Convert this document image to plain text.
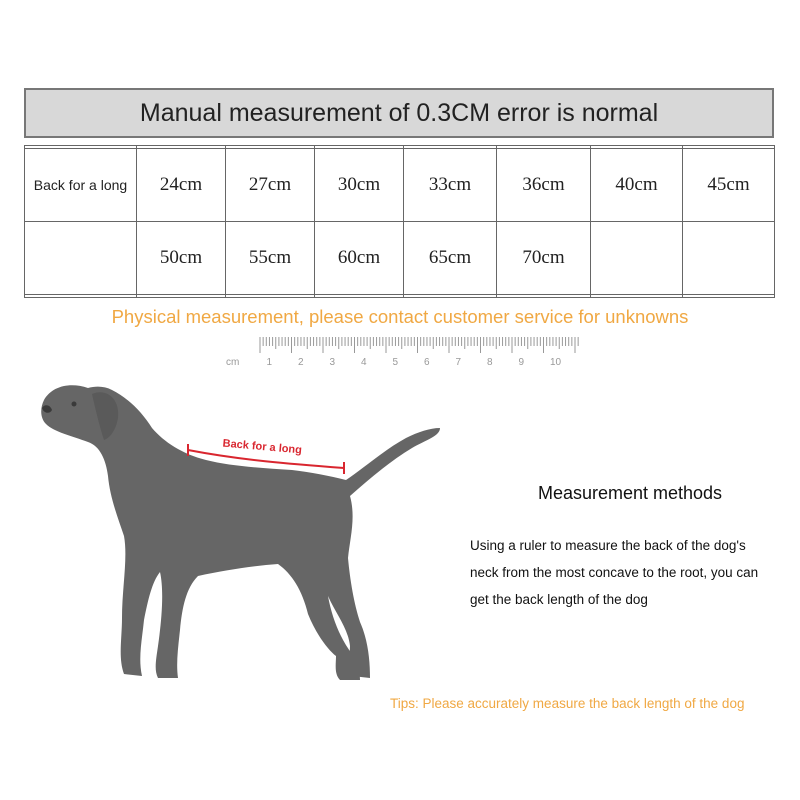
Manual measurement of 0.3CM error is normal

Back for a long	24cm	27cm	30cm	33cm	36cm	40cm	45cm
	50cm	55cm	60cm	65cm	70cm		

Physical measurement, please contact customer service for unknowns
cm	1	2	3	4	5	6	7	8	9	10
Back for a long
Measurement methods
Using a ruler to measure the back of the dog's
neck from the most concave to the root, you can
get the back length of the dog
Tips: Please accurately measure the back length of the dog
